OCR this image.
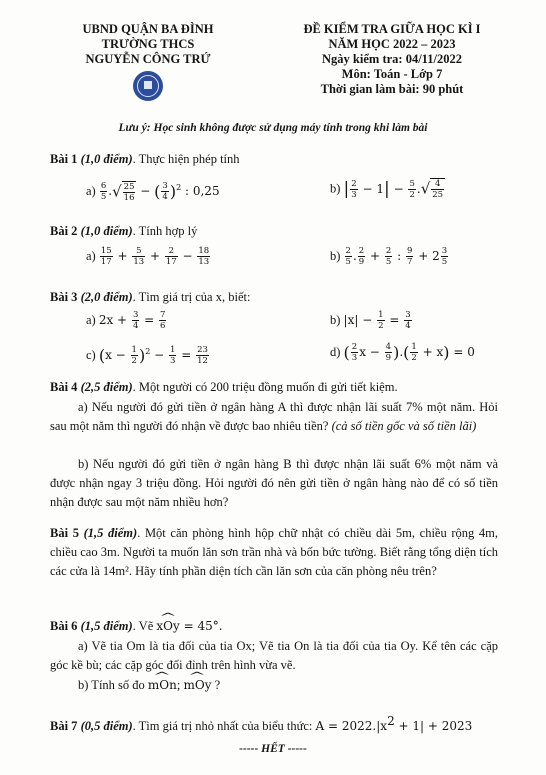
UBND QUẬN BA ĐÌNH
TRƯỜNG THCS
NGUYỄN CÔNG TRỨ
ĐỀ KIỂM TRA GIỮA HỌC KÌ I
NĂM HỌC 2022 – 2023
Ngày kiểm tra: 04/11/2022
Môn: Toán - Lớp 7
Thời gian làm bài: 90 phút
Lưu ý: Học sinh không được sử dụng máy tính trong khi làm bài
Bài 1 (1,0 điểm). Thực hiện phép tính
$a) \frac{6}{5}$ .√ $\frac{25}{16}$ − ( $\frac{3}{4} )^2$ : 0,25	b) | $\frac{2}{3} - 1| - \frac{5}{2}$ .√ $\frac{4}{25}$
Bài 2 (1,0 điểm). Tính hợp lý
$a) \frac{15}{17} + \frac{5}{13} + \frac{2}{17} - \frac{18}{13}$	$b) \frac{2}{5}$ . $\frac{2}{9} + \frac{2}{5}$ : $\frac{9}{7} + 2 \frac{3}{5}$
Bài 3 (2,0 điểm). Tìm giá trị của x, biết:
a) $2x + \frac{3}{4} = \frac{7}{6}$	b) $|x| - \frac{1}{2} = \frac{3}{4}$
c) $(x - \frac{1}{2} )^2 - \frac{1}{3} = \frac{23}{12}$	d) ( $\frac{2}{3}$ $x - \frac{4}{9}$ ).( $\frac{1}{2} + x) = 0$
Bài 4 (2,5 điểm). Một người có 200 triệu đồng muốn đi gửi tiết kiệm.
a) Nếu người đó gửi tiền ở ngân hàng A thì được nhận lãi suất 7% một năm. Hỏi sau một năm thì người đó nhận về được bao nhiêu tiền? (cả số tiền gốc và số tiền lãi)
b) Nếu người đó gửi tiền ở ngân hàng B thì được nhận lãi suất 6% một năm và được nhận ngay 3 triệu đồng. Hỏi người đó nên gửi tiền ở ngân hàng nào để có số tiền nhận được sau một năm nhiều hơn?
Bài 5 (1,5 điểm). Một căn phòng hình hộp chữ nhật có chiều dài 5m, chiều rộng 4m, chiều cao 3m. Người ta muốn lăn sơn trần nhà và bốn bức tường. Biết rằng tổng diện tích các cửa là 14m². Hãy tính phần diện tích cần lăn sơn của căn phòng nêu trên?
Bài 6 (1,5 điểm). Vẽ ^ xOy = 45°.
a) Vẽ tia Om là tia đối của tia Ox; Vẽ tia On là tia đối của tia Oy. Kể tên các cặp góc kề bù; các cặp góc đối đỉnh trên hình vừa vẽ.
b) Tính số đo ^ mOn; ^ mOy ?
Bài 7 (0,5 điểm). Tìm giá trị nhỏ nhất của biểu thức: $A = 2022.|x^2 + 1| + 2023$
----- HẾT -----
